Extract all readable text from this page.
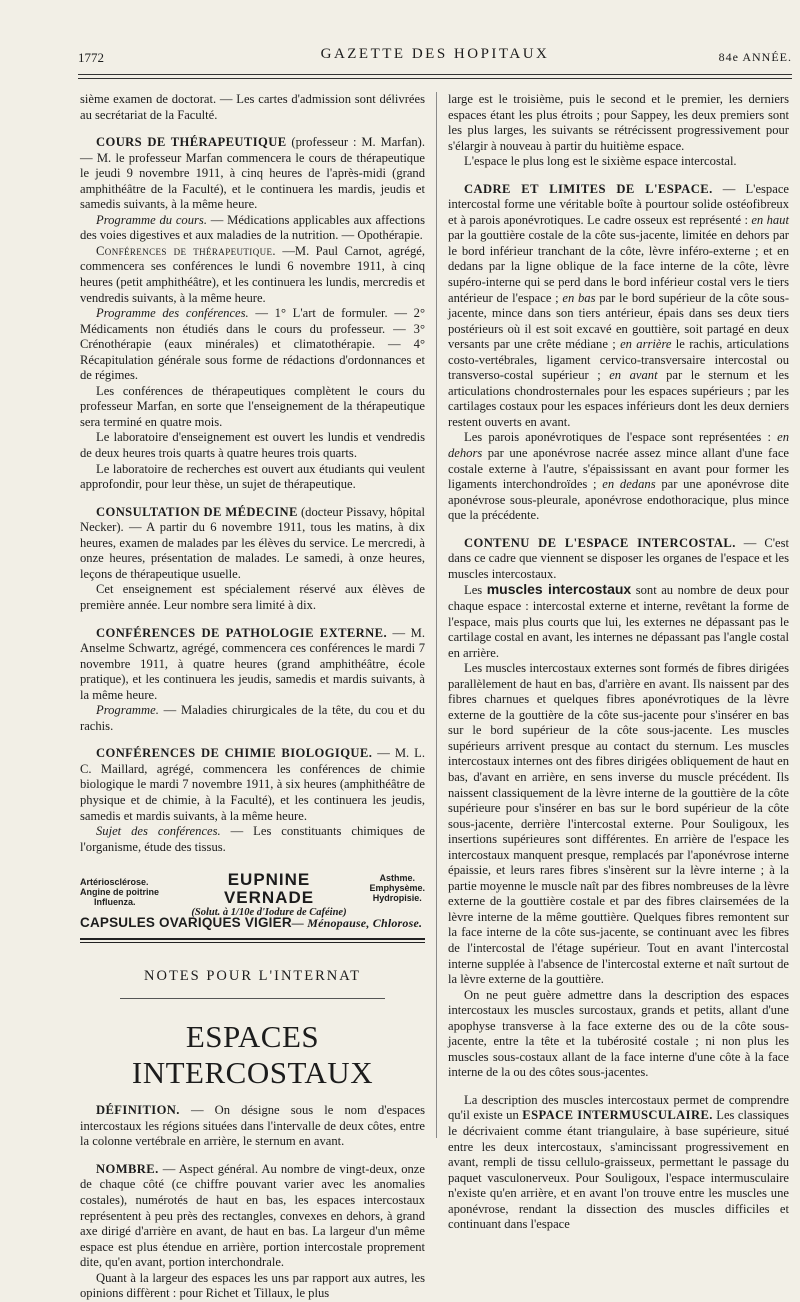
1772	GAZETTE DES HOPITAUX	84e ANNÉE.

sième examen de doctorat. — Les cartes d'admission sont délivrées au secrétariat de la Faculté.

COURS DE THÉRAPEUTIQUE (professeur : M. Marfan). — M. le professeur Marfan commencera le cours de thérapeutique le jeudi 9 novembre 1911, à cinq heures de l'après-midi (grand amphithéâtre de la Faculté), et le continuera les mardis, jeudis et samedis suivants, à la même heure.

Programme du cours. — Médications applicables aux affections des voies digestives et aux maladies de la nutrition. — Opothérapie.

Conférences de thérapeutique. —M. Paul Carnot, agrégé, commencera ses conférences le lundi 6 novembre 1911, à cinq heures (petit amphithéâtre), et les continuera les lundis, mercredis et vendredis suivants, à la même heure.

Programme des conférences. — 1° L'art de formuler. — 2° Médicaments non étudiés dans le cours du professeur. — 3° Crénothérapie (eaux minérales) et climatothérapie. — 4° Récapitulation générale sous forme de rédactions d'ordonnances et de régimes.

Les conférences de thérapeutiques complètent le cours du professeur Marfan, en sorte que l'enseignement de la thérapeutique sera terminé en quatre mois.

Le laboratoire d'enseignement est ouvert les lundis et vendredis de deux heures trois quarts à quatre heures trois quarts.

Le laboratoire de recherches est ouvert aux étudiants qui veulent approfondir, pour leur thèse, un sujet de thérapeutique.

CONSULTATION DE MÉDECINE (docteur Pissavy, hôpital Necker). — A partir du 6 novembre 1911, tous les matins, à dix heures, examen de malades par les élèves du service. Le mercredi, à onze heures, présentation de malades. Le samedi, à onze heures, leçons de thérapeutique usuelle.

Cet enseignement est spécialement réservé aux élèves de première année. Leur nombre sera limité à dix.

CONFÉRENCES DE PATHOLOGIE EXTERNE. — M. Anselme Schwartz, agrégé, commencera ces conférences le mardi 7 novembre 1911, à quatre heures (grand amphithéâtre, école pratique), et les continuera les jeudis, samedis et mardis suivants, à la même heure.

Programme. — Maladies chirurgicales de la tête, du cou et du rachis.

CONFÉRENCES DE CHIMIE BIOLOGIQUE. — M. L. C. Maillard, agrégé, commencera les conférences de chimie biologique le mardi 7 novembre 1911, à six heures (amphithéâtre de physique et de chimie, à la Faculté), et les continuera les jeudis, samedis et mardis suivants, à la même heure.

Sujet des conférences. — Les constituants chimiques de l'organisme, étude des tissus.

Artériosclérose.
Angine de poitrine
Influenza.
EUPNINE VERNADE
(Solut. à 1/10e d'Iodure de Caféine)
Asthme.
Emphysème.
Hydropisie.
CAPSULES OVARIQUES VIGIER— Ménopause, Chlorose.
NOTES POUR L'INTERNAT
ESPACES INTERCOSTAUX

DÉFINITION. — On désigne sous le nom d'espaces intercostaux les régions situées dans l'intervalle de deux côtes, entre la colonne vertébrale en arrière, le sternum en avant.

NOMBRE. — Aspect général. Au nombre de vingt-deux, onze de chaque côté (ce chiffre pouvant varier avec les anomalies costales), numérotés de haut en bas, les espaces intercostaux représentent à peu près des rectangles, convexes en dehors, à grand axe dirigé d'arrière en avant, de haut en bas. La largeur d'un même espace est plus étendue en arrière, portion intercostale proprement dite, qu'en avant, portion interchondrale.

Quant à la largeur des espaces les uns par rapport aux autres, les opinions diffèrent : pour Richet et Tillaux, le plus

large est le troisième, puis le second et le premier, les derniers espaces étant les plus étroits ; pour Sappey, les deux premiers sont les plus larges, les suivants se rétrécissent progressivement pour s'élargir à nouveau à partir du huitième espace.

L'espace le plus long est le sixième espace intercostal.

CADRE ET LIMITES DE L'ESPACE. — L'espace intercostal forme une véritable boîte à pourtour solide ostéofibreux et à parois aponévrotiques. Le cadre osseux est représenté : en haut par la gouttière costale de la côte sus-jacente, limitée en dehors par le bord inférieur tranchant de la côte, lèvre inféro-externe ; et en dedans par la ligne oblique de la face interne de la côte, lèvre supéro-interne qui se perd dans le bord inférieur costal vers le tiers antérieur de l'espace ; en bas par le bord supérieur de la côte sous-jacente, mince dans son tiers antérieur, épais dans ses deux tiers postérieurs où il est soit excavé en gouttière, soit partagé en deux versants par une crête médiane ; en arrière le rachis, articulations costo-vertébrales, ligament cervico-transversaire intercostal ou transverso-costal supérieur ; en avant par le sternum et les articulations chondrosternales pour les espaces supérieurs ; par les cartilages costaux pour les espaces inférieurs dont les deux derniers restent ouverts en avant.

Les parois aponévrotiques de l'espace sont représentées : en dehors par une aponévrose nacrée assez mince allant d'une face costale externe à l'autre, s'épaississant en avant pour former les ligaments interchondroïdes ; en dedans par une aponévrose dite aponévrose sous-pleurale, aponévrose endothoracique, plus mince que la précédente.

CONTENU DE L'ESPACE INTERCOSTAL. — C'est dans ce cadre que viennent se disposer les organes de l'espace et les muscles intercostaux.

Les muscles intercostaux sont au nombre de deux pour chaque espace : intercostal externe et interne, revêtant la forme de l'espace, mais plus courts que lui, les externes ne dépassant pas le cartilage costal en avant, les internes ne dépassant pas l'angle costal en arrière.

Les muscles intercostaux externes sont formés de fibres dirigées parallèlement de haut en bas, d'arrière en avant. Ils naissent par des fibres charnues et quelques fibres aponévrotiques de la lèvre externe de la gouttière de la côte sus-jacente pour s'insérer en bas sur le bord supérieur de la côte sous-jacente. Les muscles supérieurs arrivent presque au contact du sternum. Les muscles intercostaux internes ont des fibres dirigées obliquement de haut en bas, d'avant en arrière, en sens inverse du muscle précédent. Ils naissent classiquement de la lèvre interne de la gouttière de la côte supérieure pour s'insérer en bas sur le bord supérieur de la côte sous-jacente, derrière l'intercostal externe. Pour Souligoux, les insertions supérieures sont différentes. En arrière de l'espace les intercostaux manquent presque, remplacés par l'aponévrose interne épaissie, et leurs rares fibres s'insèrent sur la lèvre interne ; à la partie moyenne le muscle naît par des fibres nombreuses de la lèvre externe de la gouttière costale et par des fibres clairsemées de la lèvre interne de la même gouttière. Quelques fibres remontent sur la face interne de la côte sus-jacente, se continuant avec les fibres de l'intercostal de l'étage supérieur. Tout en avant l'intercostal interne supplée à l'absence de l'intercostal externe et naît surtout de la lèvre externe de la gouttière.

On ne peut guère admettre dans la description des espaces intercostaux les muscles surcostaux, grands et petits, allant d'une apophyse transverse à la face externe des ou de la côte sous-jacente, entre la tête et la tubérosité costale ; ni non plus les muscles sous-costaux allant de la face interne d'une côte à la face interne de la ou des côtes sous-jacentes.

La description des muscles intercostaux permet de comprendre qu'il existe un ESPACE INTERMUSCULAIRE. Les classiques le décrivaient comme étant triangulaire, à base supérieure, situé entre les deux intercostaux, s'amincissant progressivement en avant, rempli de tissu cellulo-graisseux, permettant le passage du paquet vasculonerveux. Pour Souligoux, l'espace intermusculaire n'existe qu'en arrière, et en avant l'on trouve entre les muscles une aponévrose, rendant la dissection des muscles difficiles et continuant dans l'espace
